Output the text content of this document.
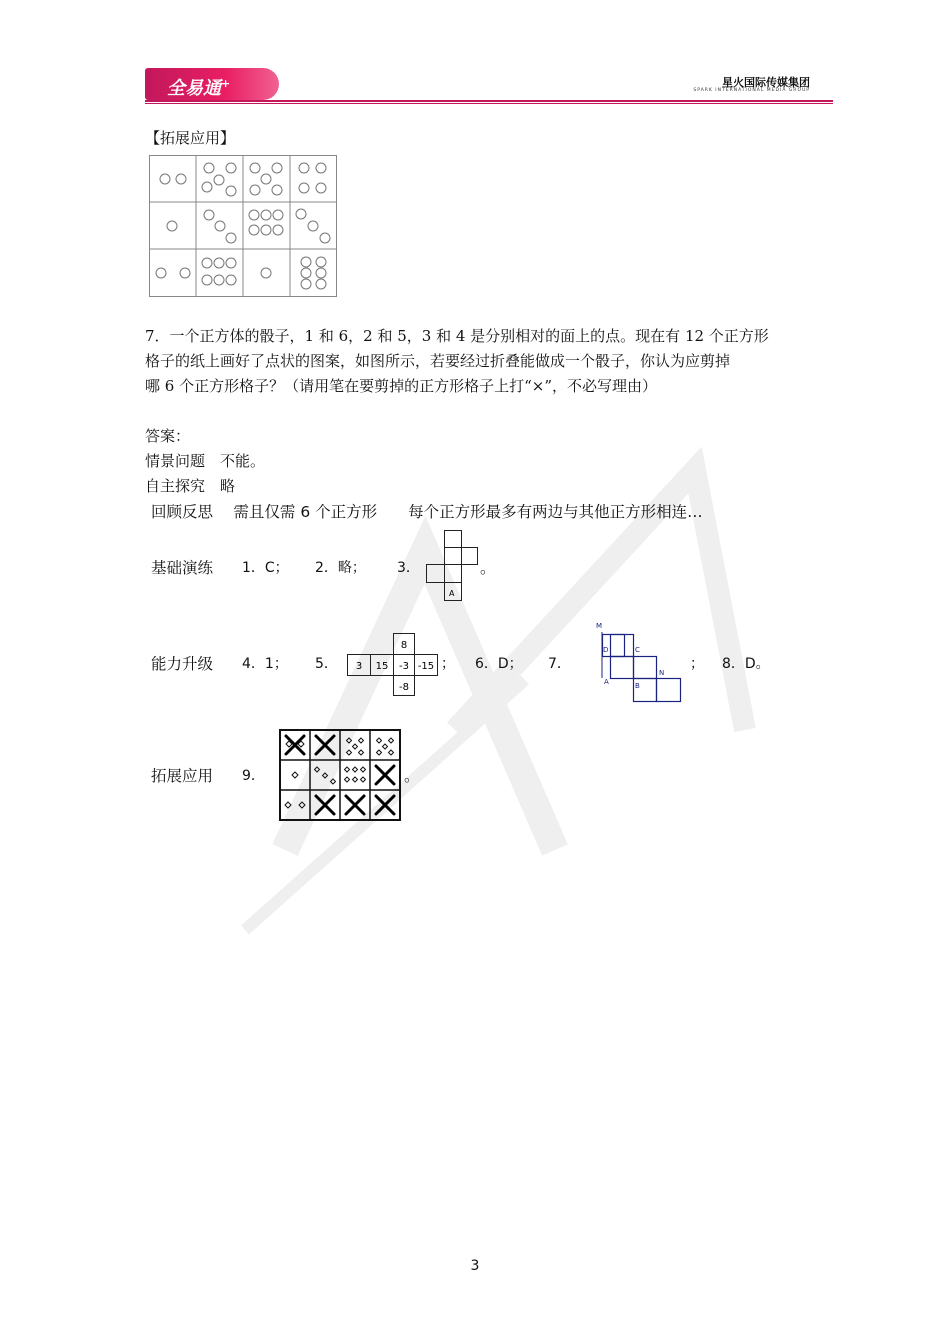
全易通+	星火国际传媒集团
SPARK INTERNATIONAL MEDIA GROUP
【拓展应用】
7．一个正方体的骰子，1 和 6，2 和 5，3 和 4 是分别相对的面上的点。现在有 12 个正方形
格子的纸上画好了点状的图案，如图所示，若要经过折叠能做成一个骰子，你认为应剪掉
哪 6 个正方形格子？（请用笔在要剪掉的正方形格子上打“×”，不必写理由）
答案：
情景问题　不能。
自主探究　略
回顾反思　 需且仅需 6 个正方形　　每个正方形最多有两边与其他正方形相连…
基础演练 1．C； 2．略； 3．
A
。
能力升级 4．1； 5．
8
3 15 -3 -15
-8
； 6．D； 7．
M
D	C
N
A	B
； 8．D。
拓展应用 9．	。
3
